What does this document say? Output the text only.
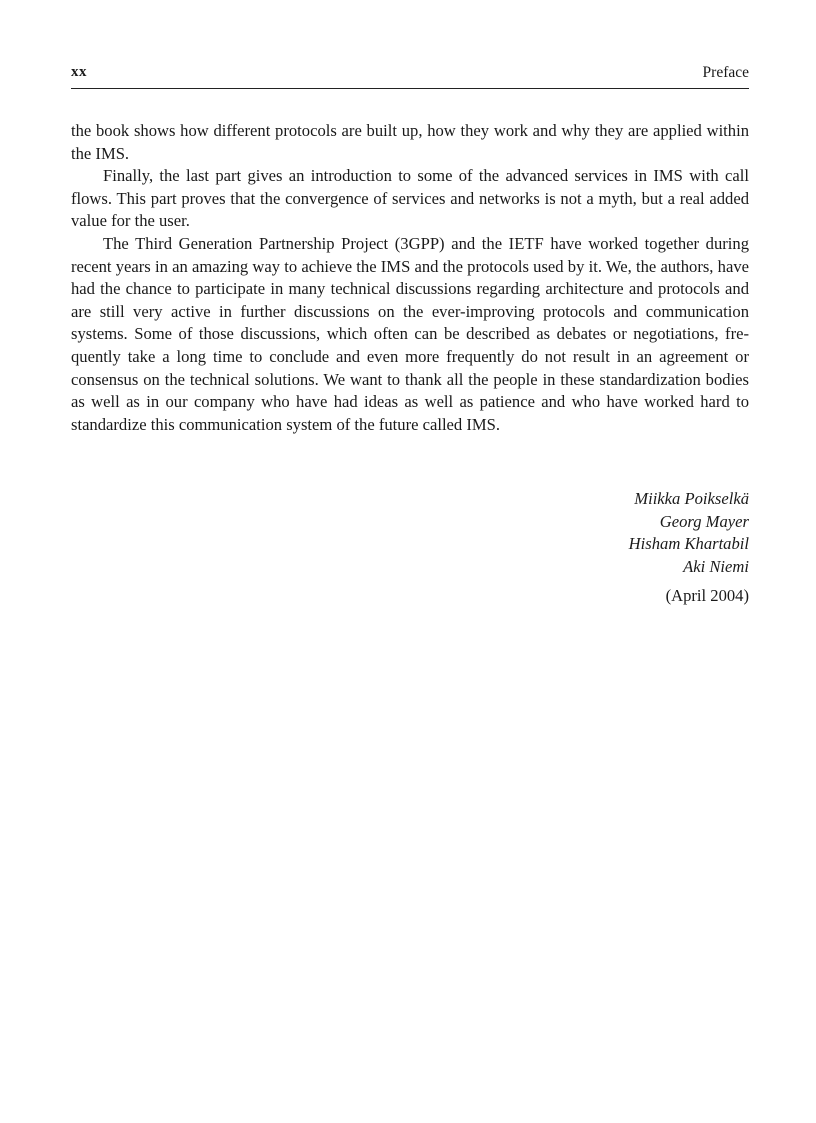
xx	Preface

the book shows how different protocols are built up, how they work and why they are applied within the IMS.

Finally, the last part gives an introduction to some of the advanced services in IMS with call flows. This part proves that the convergence of services and networks is not a myth, but a real added value for the user.

The Third Generation Partnership Project (3GPP) and the IETF have worked together during recent years in an amazing way to achieve the IMS and the protocols used by it. We, the authors, have had the chance to participate in many technical discussions regarding architecture and protocols and are still very active in further discussions on the ever-improving protocols and communication systems. Some of those discussions, which often can be described as debates or negotiations, frequently take a long time to conclude and even more frequently do not result in an agreement or consensus on the technical solutions. We want to thank all the people in these standardization bodies as well as in our company who have had ideas as well as patience and who have worked hard to standardize this communication system of the future called IMS.

Miikka Poikselkä
Georg Mayer
Hisham Khartabil
Aki Niemi
(April 2004)
